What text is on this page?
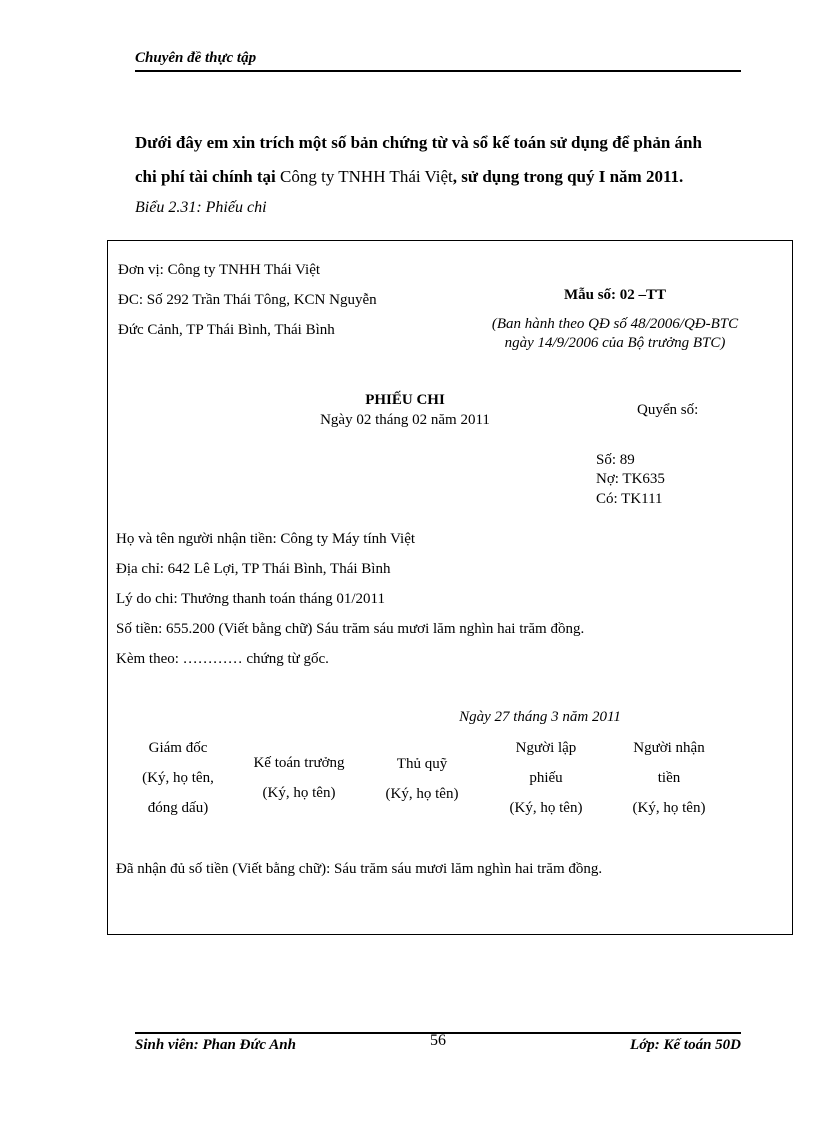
Chuyên đề thực tập
Dưới đây em xin trích một số bản chứng từ và sổ kế toán sử dụng để phản ánh
chi phí tài chính tại Công ty TNHH Thái Việt, sử dụng trong quý I năm 2011.
Biểu 2.31: Phiếu chi
Đơn vị: Công ty TNHH Thái Việt
ĐC: Số 292 Trần Thái Tông, KCN Nguyễn
Đức Cảnh, TP Thái Bình, Thái Bình
Mẫu số: 02 –TT
(Ban hành theo QĐ số 48/2006/QĐ-BTC
ngày 14/9/2006 của Bộ trưởng BTC)
PHIẾU CHI
Ngày 02 tháng 02 năm 2011
Quyển số:
Số: 89
Nợ: TK635
Có: TK111
Họ và tên người nhận tiền: Công ty Máy tính Việt
Địa chỉ: 642 Lê Lợi, TP Thái Bình, Thái Bình
Lý do chi: Thưởng thanh toán tháng 01/2011
Số tiền: 655.200 (Viết bằng chữ) Sáu trăm sáu mươi lăm nghìn hai trăm đồng.
Kèm theo: ………… chứng từ gốc.
Ngày 27 tháng 3 năm 2011
Giám đốc
(Ký, họ tên,
đóng dấu)
Kế toán trưởng
(Ký, họ tên)
Thủ quỹ
(Ký, họ tên)
Người lập
phiếu
(Ký, họ tên)
Người nhận
tiền
(Ký, họ tên)
Đã nhận đủ số tiền (Viết bằng chữ): Sáu trăm sáu mươi lăm nghìn hai trăm đồng.
Sinh viên: Phan Đức Anh	56	Lớp: Kế toán 50D
